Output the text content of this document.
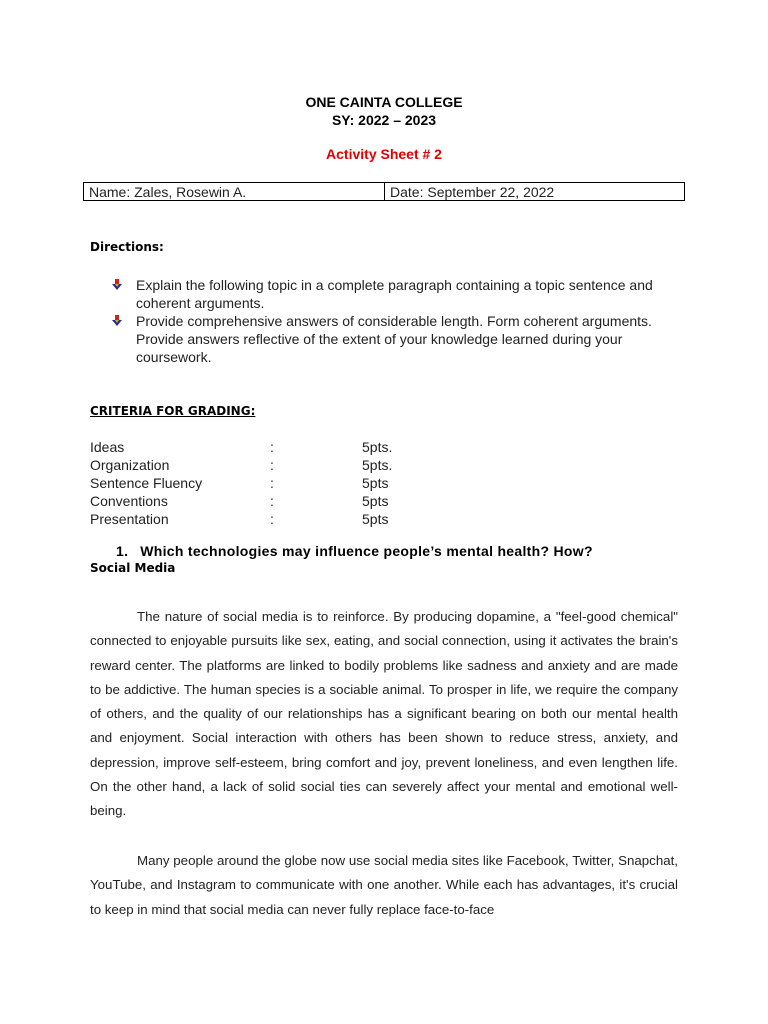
ONE CAINTA COLLEGE
SY: 2022 – 2023
Activity Sheet # 2
Name: Zales, Rosewin A.	Date: September 22, 2022
Directions:
Explain the following topic in a complete paragraph containing a topic sentence and coherent arguments.
Provide comprehensive answers of considerable length. Form coherent arguments. Provide answers reflective of the extent of your knowledge learned during your coursework.
CRITERIA FOR GRADING:
Ideas	:	5pts.
Organization	:	5pts.
Sentence Fluency	:	5pts
Conventions	:	5pts
Presentation	:	5pts
1. Which technologies may influence people’s mental health? How?
Social Media

The nature of social media is to reinforce. By producing dopamine, a "feel-good chemical" connected to enjoyable pursuits like sex, eating, and social connection, using it activates the brain's reward center. The platforms are linked to bodily problems like sadness and anxiety and are made to be addictive. The human species is a sociable animal. To prosper in life, we require the company of others, and the quality of our relationships has a significant bearing on both our mental health and enjoyment. Social interaction with others has been shown to reduce stress, anxiety, and depression, improve self-esteem, bring comfort and joy, prevent loneliness, and even lengthen life. On the other hand, a lack of solid social ties can severely affect your mental and emotional well-being.

Many people around the globe now use social media sites like Facebook, Twitter, Snapchat, YouTube, and Instagram to communicate with one another. While each has advantages, it's crucial to keep in mind that social media can never fully replace face-to-face
